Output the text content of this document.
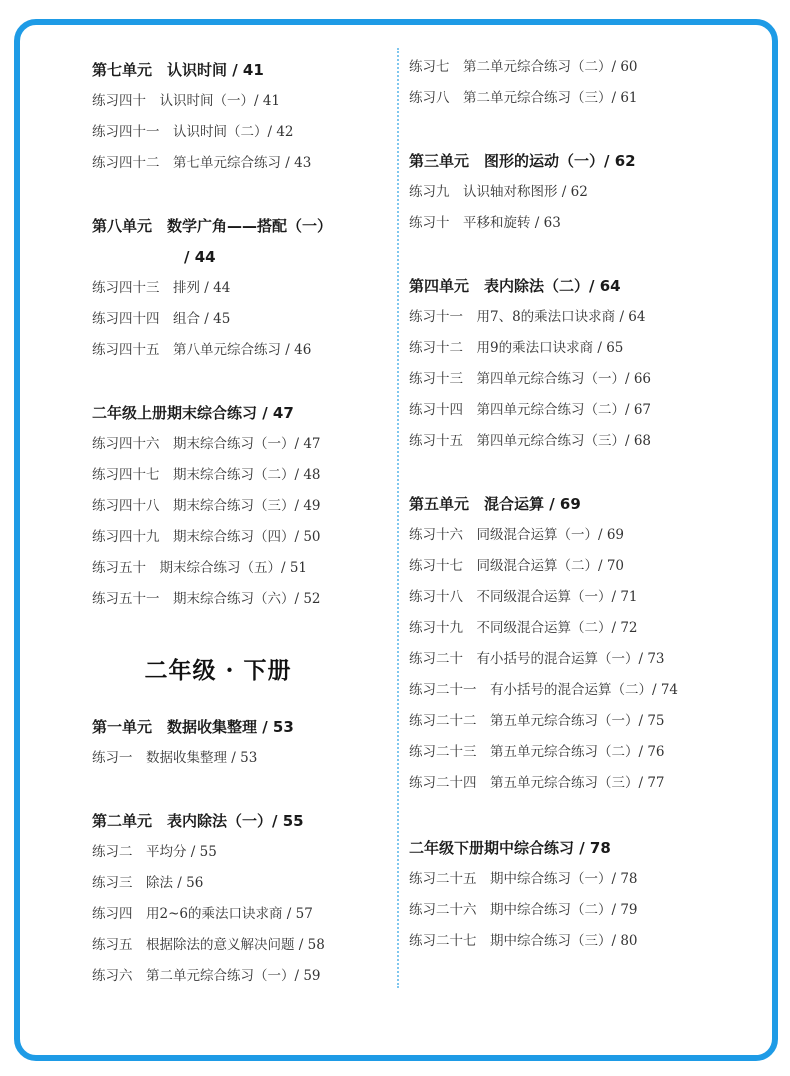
第七单元　认识时间 / 41
练习四十　认识时间（一）/ 41
练习四十一　认识时间（二）/ 42
练习四十二　第七单元综合练习 / 43
第八单元　数学广角——搭配（一）
/ 44
练习四十三　排列 / 44
练习四十四　组合 / 45
练习四十五　第八单元综合练习 / 46
二年级上册期末综合练习 / 47
练习四十六　期末综合练习（一）/ 47
练习四十七　期末综合练习（二）/ 48
练习四十八　期末综合练习（三）/ 49
练习四十九　期末综合练习（四）/ 50
练习五十　期末综合练习（五）/ 51
练习五十一　期末综合练习（六）/ 52
二年级 · 下册
第一单元　数据收集整理 / 53
练习一　数据收集整理 / 53
第二单元　表内除法（一）/ 55
练习二　平均分 / 55
练习三　除法 / 56
练习四　用2~6的乘法口诀求商 / 57
练习五　根据除法的意义解决问题 / 58
练习六　第二单元综合练习（一）/ 59
练习七　第二单元综合练习（二）/ 60
练习八　第二单元综合练习（三）/ 61
第三单元　图形的运动（一）/ 62
练习九　认识轴对称图形 / 62
练习十　平移和旋转 / 63
第四单元　表内除法（二）/ 64
练习十一　用7、8的乘法口诀求商 / 64
练习十二　用9的乘法口诀求商 / 65
练习十三　第四单元综合练习（一）/ 66
练习十四　第四单元综合练习（二）/ 67
练习十五　第四单元综合练习（三）/ 68
第五单元　混合运算 / 69
练习十六　同级混合运算（一）/ 69
练习十七　同级混合运算（二）/ 70
练习十八　不同级混合运算（一）/ 71
练习十九　不同级混合运算（二）/ 72
练习二十　有小括号的混合运算（一）/ 73
练习二十一　有小括号的混合运算（二）/ 74
练习二十二　第五单元综合练习（一）/ 75
练习二十三　第五单元综合练习（二）/ 76
练习二十四　第五单元综合练习（三）/ 77
二年级下册期中综合练习 / 78
练习二十五　期中综合练习（一）/ 78
练习二十六　期中综合练习（二）/ 79
练习二十七　期中综合练习（三）/ 80
